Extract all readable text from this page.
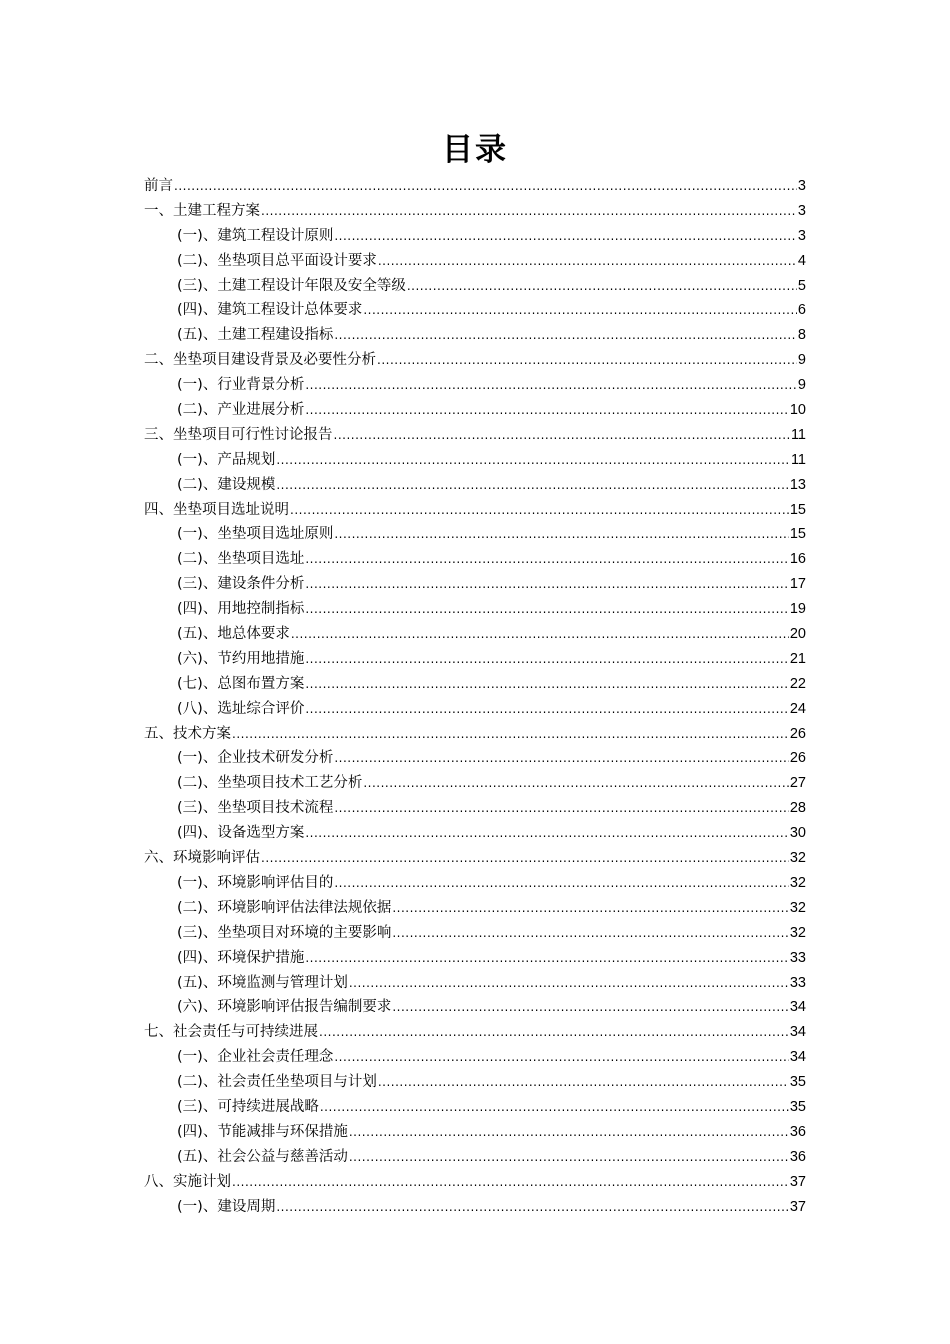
目录
前言 .....	3
一、土建工程方案 .....	3
(一)、建筑工程设计原则 .....	3
(二)、坐垫项目总平面设计要求 .....	4
(三)、土建工程设计年限及安全等级 .....	5
(四)、建筑工程设计总体要求 .....	6
(五)、土建工程建设指标 .....	8
二、坐垫项目建设背景及必要性分析 .....	9
(一)、行业背景分析 .....	9
(二)、产业进展分析 .....	10
三、坐垫项目可行性讨论报告 .....	11
(一)、产品规划 .....	11
(二)、建设规模 .....	13
四、坐垫项目选址说明 .....	15
(一)、坐垫项目选址原则 .....	15
(二)、坐垫项目选址 .....	16
(三)、建设条件分析 .....	17
(四)、用地控制指标 .....	19
(五)、地总体要求 .....	20
(六)、节约用地措施 .....	21
(七)、总图布置方案 .....	22
(八)、选址综合评价 .....	24
五、技术方案 .....	26
(一)、企业技术研发分析 .....	26
(二)、坐垫项目技术工艺分析 .....	27
(三)、坐垫项目技术流程 .....	28
(四)、设备选型方案 .....	30
六、环境影响评估 .....	32
(一)、环境影响评估目的 .....	32
(二)、环境影响评估法律法规依据 .....	32
(三)、坐垫项目对环境的主要影响 .....	32
(四)、环境保护措施 .....	33
(五)、环境监测与管理计划 .....	33
(六)、环境影响评估报告编制要求 .....	34
七、社会责任与可持续进展 .....	34
(一)、企业社会责任理念 .....	34
(二)、社会责任坐垫项目与计划 .....	35
(三)、可持续进展战略 .....	35
(四)、节能减排与环保措施 .....	36
(五)、社会公益与慈善活动 .....	36
八、实施计划 .....	37
(一)、建设周期 .....	37
